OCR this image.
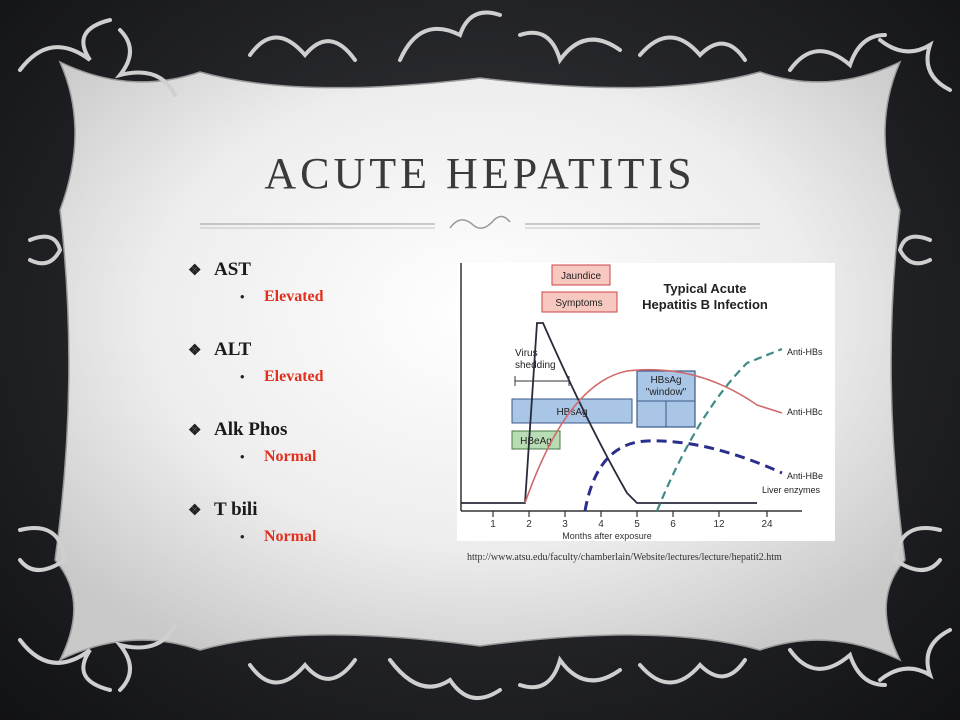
ACUTE HEPATITIS
❖ AST
•	Elevated
❖ ALT
•	Elevated
❖ Alk Phos
•	Normal
❖ T bili
•	Normal
1	2	3	4	5	6	12	24
Months after exposure
Typical Acute
Hepatitis B Infection
Jaundice
Symptoms
Virus
shedding
HBsAg
HBeAg
HBsAg
"window"
Anti-HBs
Anti-HBc
Anti-HBe
Liver enzymes
http://www.atsu.edu/faculty/chamberlain/Website/lectures/lecture/hepatit2.htm
